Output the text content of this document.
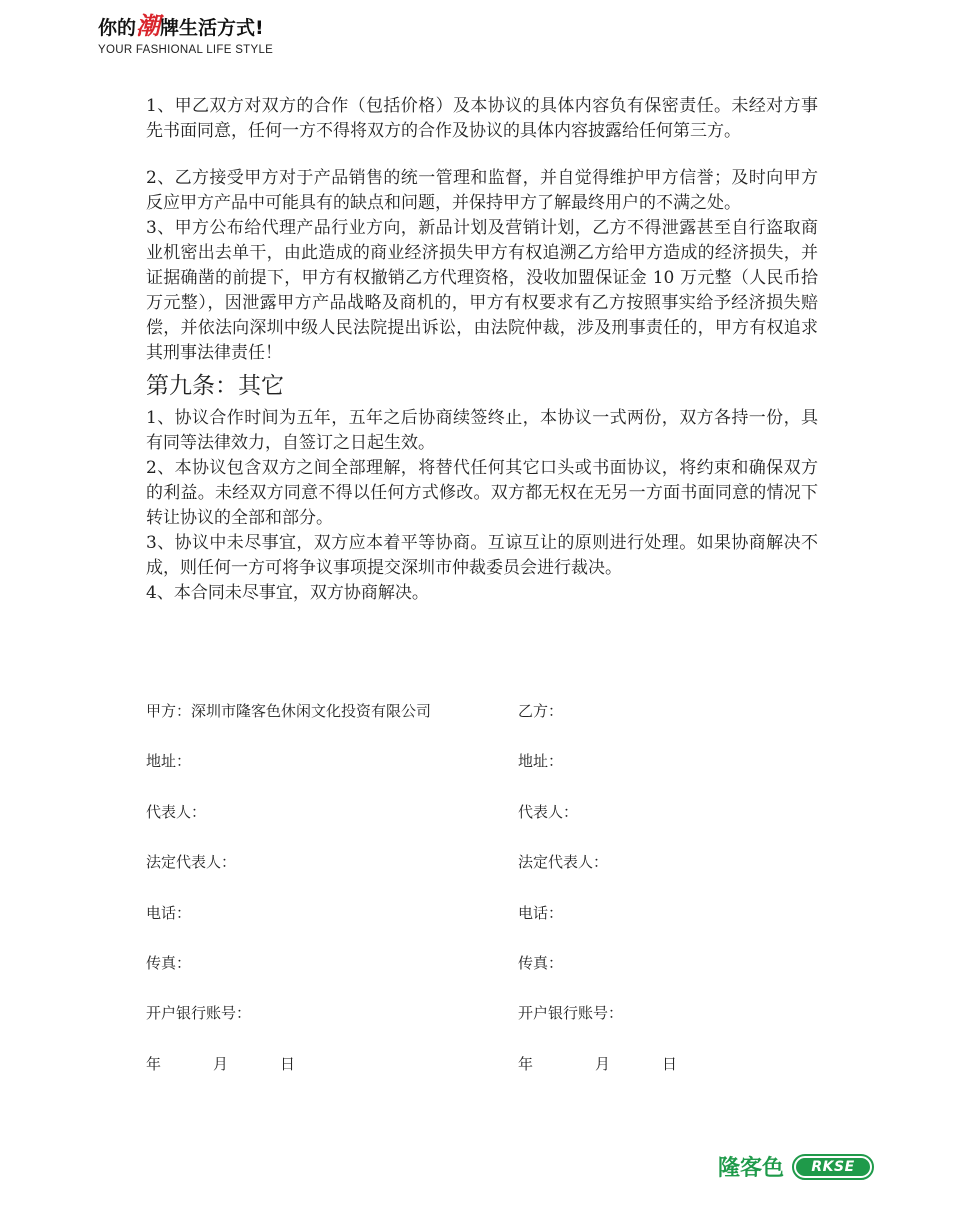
你的潮牌生活方式!
YOUR FASHIONAL LIFE STYLE

1、甲乙双方对双方的合作（包括价格）及本协议的具体内容负有保密责任。未经对方事先书面同意，任何一方不得将双方的合作及协议的具体内容披露给任何第三方。

2、乙方接受甲方对于产品销售的统一管理和监督，并自觉得维护甲方信誉；及时向甲方反应甲方产品中可能具有的缺点和问题，并保持甲方了解最终用户的不满之处。

3、甲方公布给代理产品行业方向，新品计划及营销计划，乙方不得泄露甚至自行盗取商业机密出去单干，由此造成的商业经济损失甲方有权追溯乙方给甲方造成的经济损失，并证据确凿的前提下，甲方有权撤销乙方代理资格，没收加盟保证金 10 万元整（人民币拾万元整），因泄露甲方产品战略及商机的，甲方有权要求有乙方按照事实给予经济损失赔偿，并依法向深圳中级人民法院提出诉讼，由法院仲裁，涉及刑事责任的，甲方有权追求其刑事法律责任！

第九条：其它

1、协议合作时间为五年，五年之后协商续签终止，本协议一式两份，双方各持一份，具有同等法律效力，自签订之日起生效。

2、本协议包含双方之间全部理解，将替代任何其它口头或书面协议，将约束和确保双方的利益。未经双方同意不得以任何方式修改。双方都无权在无另一方面书面同意的情况下转让协议的全部和部分。

3、协议中未尽事宜，双方应本着平等协商。互谅互让的原则进行处理。如果协商解决不成，则任何一方可将争议事项提交深圳市仲裁委员会进行裁决。

4、本合同未尽事宜，双方协商解决。

甲方：深圳市隆客色休闲文化投资有限公司	乙方：
地址：	地址：
代表人：	代表人：
法定代表人：	法定代表人：
电话：	电话：
传真：	传真：
开户银行账号：	开户银行账号：
年	月	日	年	月	日
隆客色	RKSE
